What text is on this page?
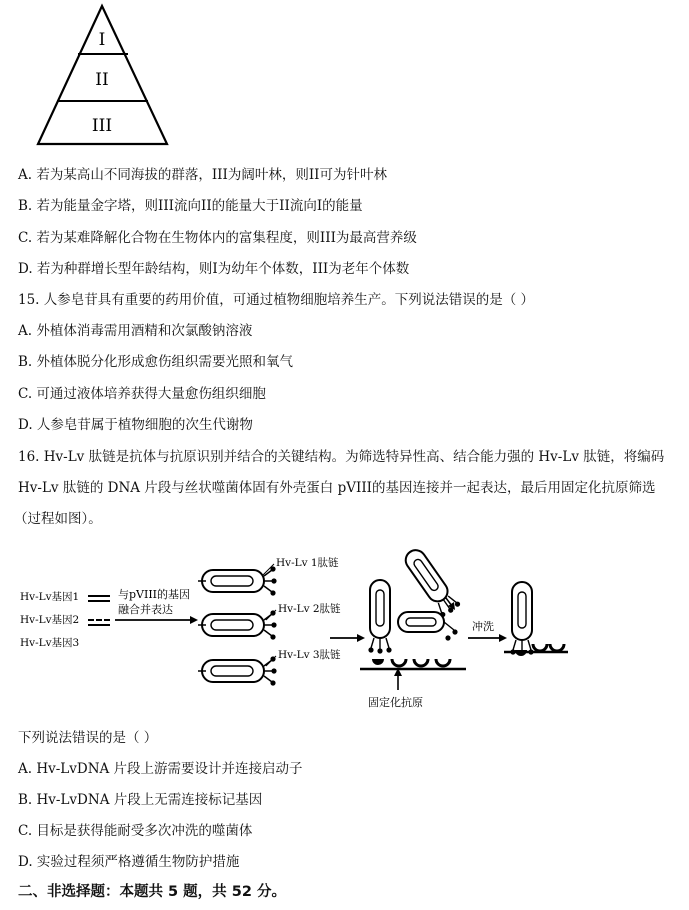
I
II
III
A. 若为某高山不同海拔的群落，III为阔叶林，则II可为针叶林
B. 若为能量金字塔，则III流向II的能量大于II流向I的能量
C. 若为某难降解化合物在生物体内的富集程度，则III为最高营养级
D. 若为种群增长型年龄结构，则I为幼年个体数，III为老年个体数
15. 人参皂苷具有重要的药用价值，可通过植物细胞培养生产。下列说法错误的是（ ）
A. 外植体消毒需用酒精和次氯酸钠溶液
B. 外植体脱分化形成愈伤组织需要光照和氧气
C. 可通过液体培养获得大量愈伤组织细胞
D. 人参皂苷属于植物细胞的次生代谢物
16. Hv-Lv 肽链是抗体与抗原识别并结合的关键结构。为筛选特异性高、结合能力强的 Hv-Lv 肽链，将编码
Hv-Lv 肽链的 DNA 片段与丝状噬菌体固有外壳蛋白 pVIII的基因连接并一起表达，最后用固定化抗原筛选
（过程如图）。
Hv-Lv基因1
Hv-Lv基因2
Hv-Lv基因3
与pVIII的基因
融合并表达
Hv-Lv 1肽链
Hv-Lv 2肽链
Hv-Lv 3肽链
固定化抗原
冲洗
下列说法错误的是（ ）
A. Hv-LvDNA 片段上游需要设计并连接启动子
B. Hv-LvDNA 片段上无需连接标记基因
C. 目标是获得能耐受多次冲洗的噬菌体
D. 实验过程须严格遵循生物防护措施
二、非选择题：本题共 5 题，共 52 分。
